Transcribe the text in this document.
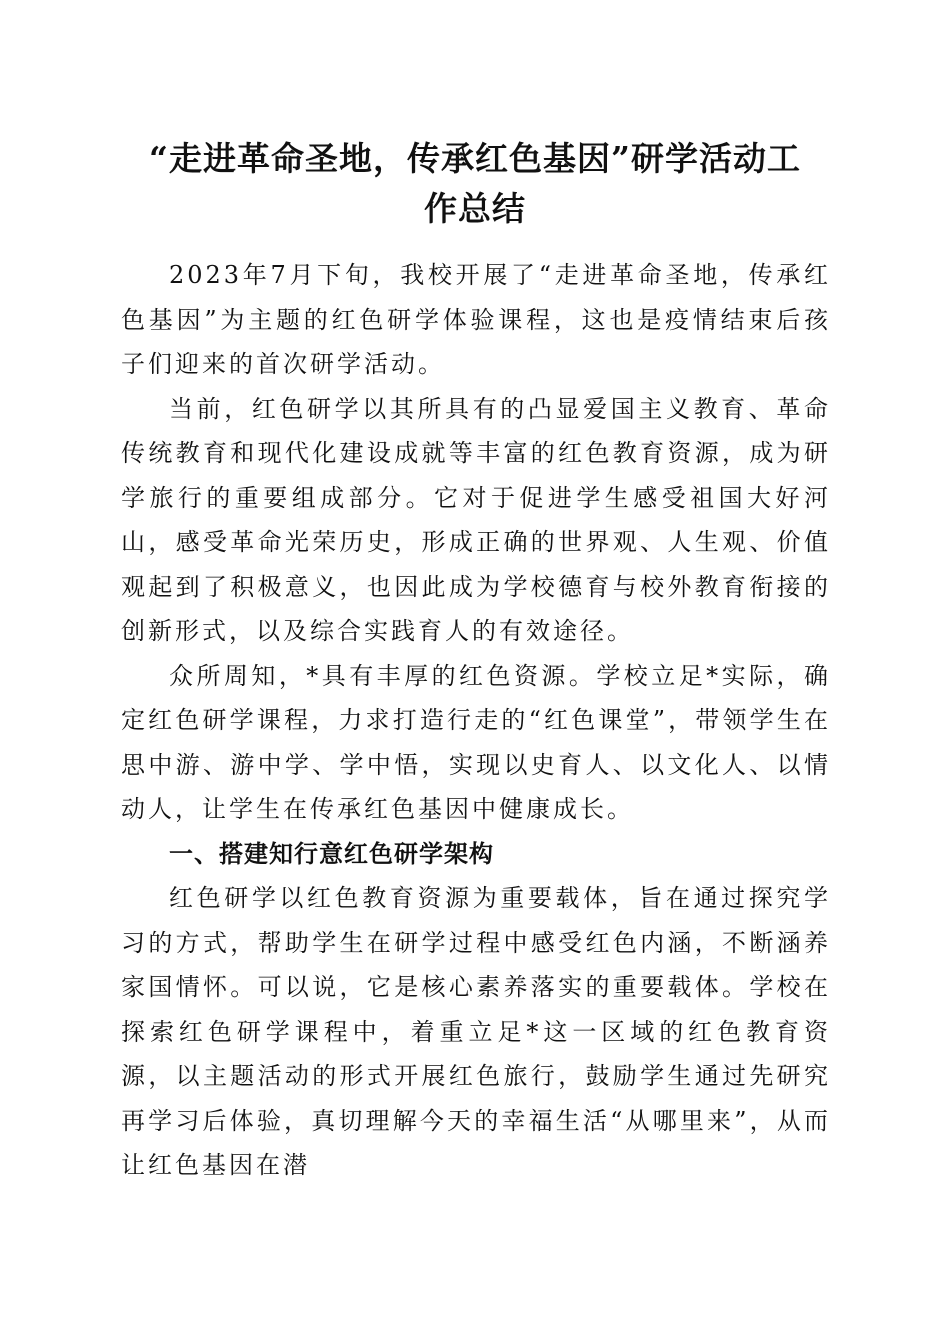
“走进革命圣地，传承红色基因”研学活动工
作总结

2023年7月下旬，我校开展了“走进革命圣地，传承红色基因”为主题的红色研学体验课程，这也是疫情结束后孩子们迎来的首次研学活动。

当前，红色研学以其所具有的凸显爱国主义教育、革命传统教育和现代化建设成就等丰富的红色教育资源，成为研学旅行的重要组成部分。它对于促进学生感受祖国大好河山，感受革命光荣历史，形成正确的世界观、人生观、价值观起到了积极意义，也因此成为学校德育与校外教育衔接的创新形式，以及综合实践育人的有效途径。

众所周知，*具有丰厚的红色资源。学校立足*实际，确定红色研学课程，力求打造行走的“红色课堂”，带领学生在思中游、游中学、学中悟，实现以史育人、以文化人、以情动人，让学生在传承红色基因中健康成长。

一、搭建知行意红色研学架构

红色研学以红色教育资源为重要载体，旨在通过探究学习的方式，帮助学生在研学过程中感受红色内涵，不断涵养家国情怀。可以说，它是核心素养落实的重要载体。学校在探索红色研学课程中，着重立足*这一区域的红色教育资源，以主题活动的形式开展红色旅行，鼓励学生通过先研究再学习后体验，真切理解今天的幸福生活“从哪里来”，从而让红色基因在潜
